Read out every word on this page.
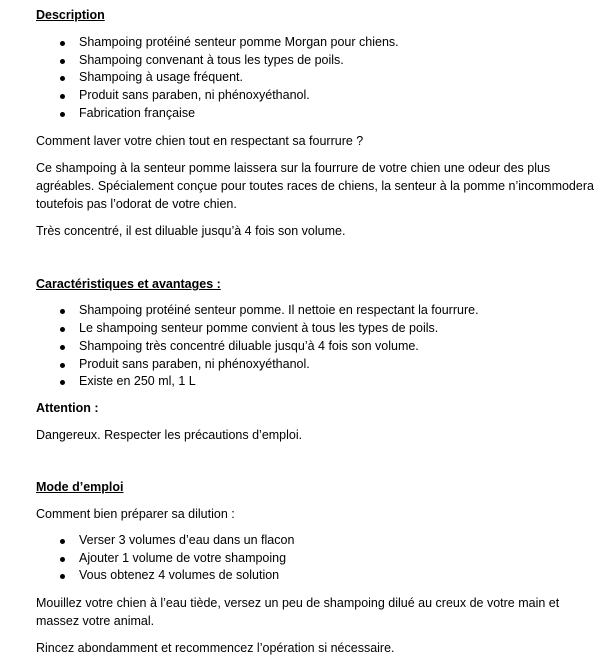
Description

Shampoing protéiné senteur pomme Morgan pour chiens.
Shampoing convenant à tous les types de poils.
Shampoing à usage fréquent.
Produit sans paraben, ni phénoxyéthanol.
Fabrication française

Comment laver votre chien tout en respectant sa fourrure ?

Ce shampoing à la senteur pomme laissera sur la fourrure de votre chien une odeur des plus

agréables. Spécialement conçue pour toutes races de chiens, la senteur à la pomme n’incommodera

toutefois pas l’odorat de votre chien.

Très concentré, il est diluable jusqu’à 4 fois son volume.

Caractéristiques et avantages :

Shampoing protéiné senteur pomme. Il nettoie en respectant la fourrure.
Le shampoing senteur pomme convient à tous les types de poils.
Shampoing très concentré diluable jusqu’à 4 fois son volume.
Produit sans paraben, ni phénoxyéthanol.
Existe en 250 ml, 1 L

Attention :

Dangereux. Respecter les précautions d’emploi.

Mode d’emploi

Comment bien préparer sa dilution :

Verser 3 volumes d’eau dans un flacon
Ajouter 1 volume de votre shampoing
Vous obtenez 4 volumes de solution

Mouillez votre chien à l’eau tiède, versez un peu de shampoing dilué au creux de votre main et

massez votre animal.

Rincez abondamment et recommencez l’opération si nécessaire.
